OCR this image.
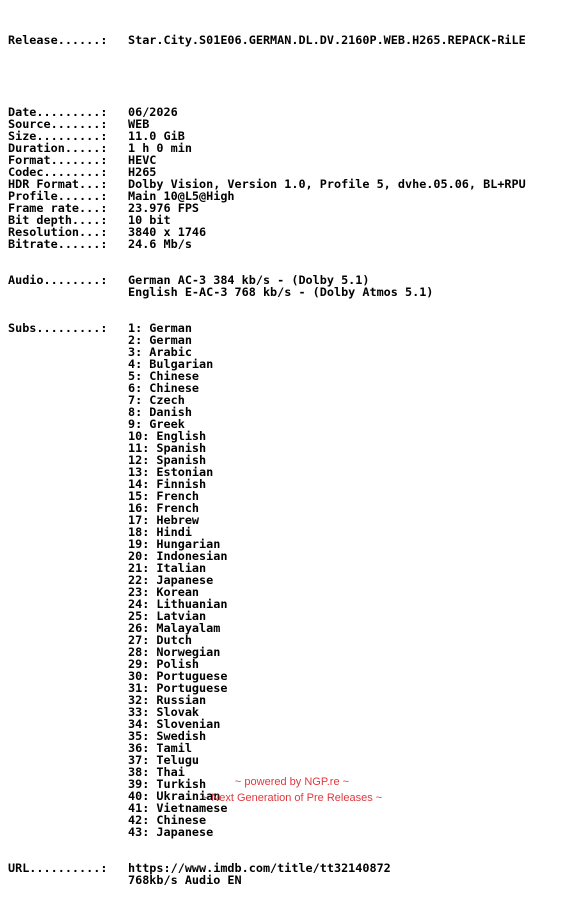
Release......: Star.City.S01E06.GERMAN.DL.DV.2160P.WEB.H265.REPACK-RiLE

Date.........: 06/2026
Source.......: WEB
Size.........: 11.0 GiB
Duration.....: 1 h 0 min
Format.......: HEVC
Codec........: H265
HDR Format...: Dolby Vision, Version 1.0, Profile 5, dvhe.05.06, BL+RPU
Profile......: Main 10@L5@High
Frame rate...: 23.976 FPS
Bit depth....: 10 bit
Resolution...: 3840 x 1746
Bitrate......: 24.6 Mb/s

Audio........: German AC-3 384 kb/s - (Dolby 5.1)
English E-AC-3 768 kb/s - (Dolby Atmos 5.1)

Subs.........: 1: German
2: German
3: Arabic
4: Bulgarian
5: Chinese
6: Chinese
7: Czech
8: Danish
9: Greek
10: English
11: Spanish
12: Spanish
13: Estonian
14: Finnish
15: French
16: French
17: Hebrew
18: Hindi
19: Hungarian
20: Indonesian
21: Italian
22: Japanese
23: Korean
24: Lithuanian
25: Latvian
26: Malayalam
27: Dutch
28: Norwegian
29: Polish
30: Portuguese
31: Portuguese
32: Russian
33: Slovak
34: Slovenian
35: Swedish
36: Tamil
37: Telugu
38: Thai
39: Turkish
40: Ukrainian
41: Vietnamese
42: Chinese
43: Japanese

URL..........: https://www.imdb.com/title/tt32140872
768kb/s Audio EN

~ powered by NGP.re ~
~ Next Generation of Pre Releases ~
